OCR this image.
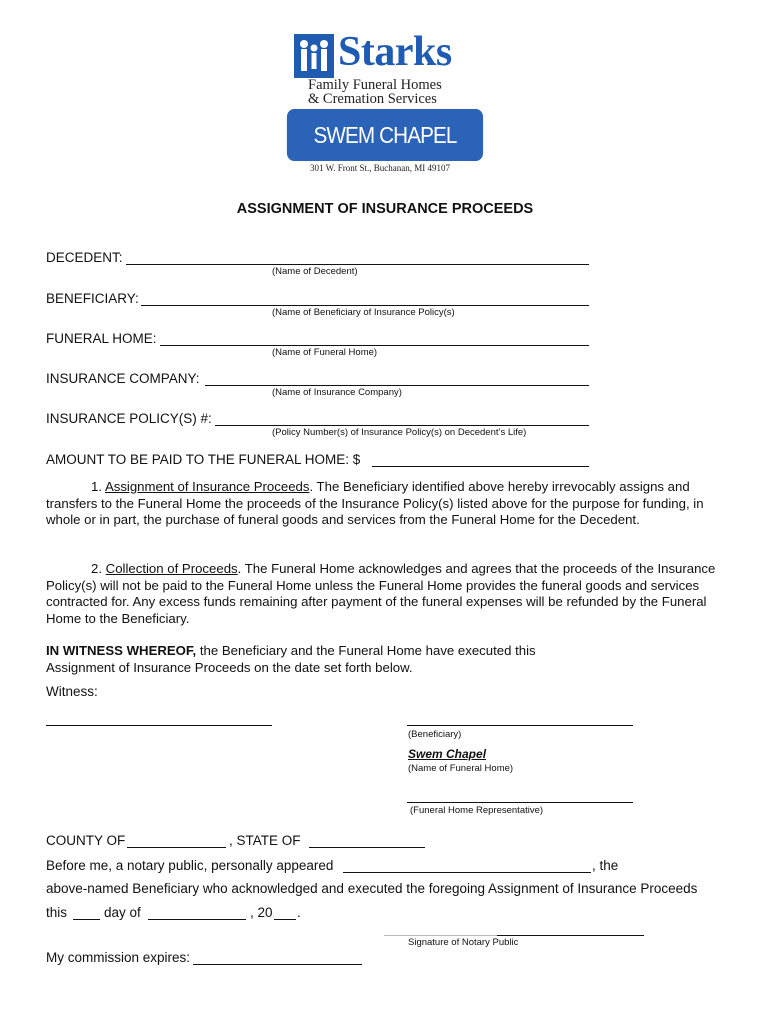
Starks
Family Funeral Homes
& Cremation Services
SWEM CHAPEL
301 W. Front St., Buchanan, MI 49107
ASSIGNMENT OF INSURANCE PROCEEDS
DECEDENT:
(Name of Decedent)
BENEFICIARY:
(Name of Beneficiary of Insurance Policy(s)
FUNERAL HOME:
(Name of Funeral Home)
INSURANCE COMPANY:
(Name of Insurance Company)
INSURANCE POLICY(S) #:
(Policy Number(s) of Insurance Policy(s) on Decedent’s Life)
AMOUNT TO BE PAID TO THE FUNERAL HOME: $
1. Assignment of Insurance Proceeds. The Beneficiary identified above hereby irrevocably assigns and transfers to the Funeral Home the proceeds of the Insurance Policy(s) listed above for the purpose for funding, in whole or in part, the purchase of funeral goods and services from the Funeral Home for the Decedent.
2. Collection of Proceeds. The Funeral Home acknowledges and agrees that the proceeds of the Insurance Policy(s) will not be paid to the Funeral Home unless the Funeral Home provides the funeral goods and services contracted for. Any excess funds remaining after payment of the funeral expenses will be refunded by the Funeral Home to the Beneficiary.
IN WITNESS WHEREOF, the Beneficiary and the Funeral Home have executed this Assignment of Insurance Proceeds on the date set forth below.
Witness:
(Beneficiary)
Swem Chapel
(Name of Funeral Home)
(Funeral Home Representative)
COUNTY OF	, STATE OF
Before me, a notary public, personally appeared	, the
above-named Beneficiary who acknowledged and executed the foregoing Assignment of Insurance Proceeds
this	day of	, 20 .
Signature of Notary Public
My commission expires:
